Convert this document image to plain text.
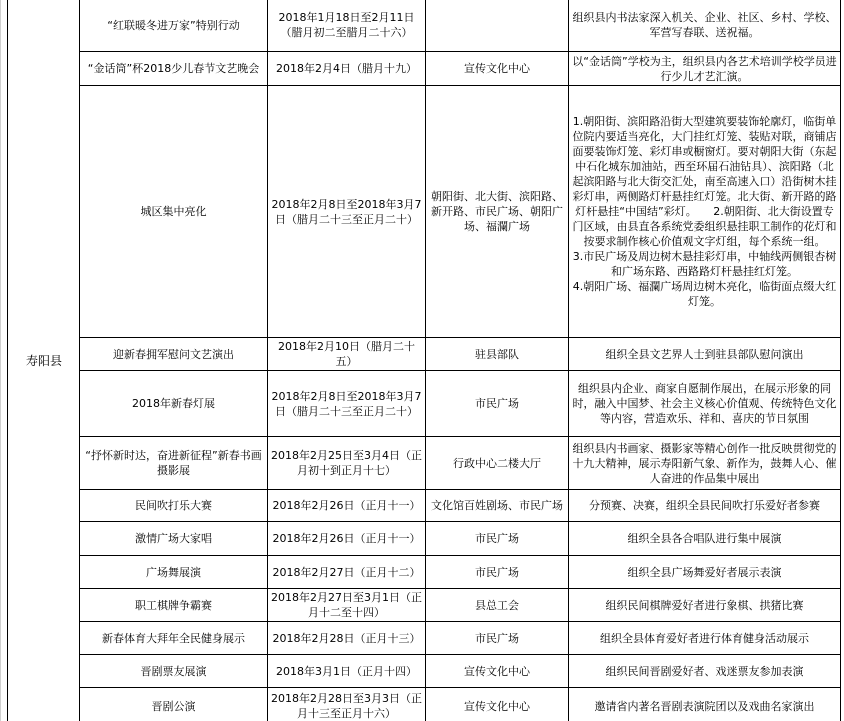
	寿阳县	“红联暖冬进万家”特别行动	2018年1月18日至2月11日（腊月初二至腊月二十六）		组织县内书法家深入机关、企业、社区、乡村、学校、军营写春联、送祝福。
		“金话筒”杯2018少儿春节文艺晚会	2018年2月4日（腊月十九）	宣传文化中心	以“金话筒”学校为主，组织县内各艺术培训学校学员进行少儿才艺汇演。
		城区集中亮化	2018年2月8日至2018年3月7日（腊月二十三至正月二十）	朝阳街、北大街、滨阳路、新开路、市民广场、朝阳广场、福瀾广场	1.朝阳街、滨阳路沿街大型建筑要装饰轮廓灯，临街单位院内要适当亮化，大门挂红灯笼、装贴对联，商铺店面要装饰灯笼、彩灯串或橱窗灯。要对朝阳大街（东起中石化城东加油站，西至环届石油钻具）、滨阳路（北起滨阳路与北大街交汇处，南至高速入口）沿街树木挂彩灯串，两侧路灯杆悬挂红灯笼。北大街、新开路的路灯杆悬挂“中国结”彩灯。　　2.朝阳街、北大街设置专门区域，由县直各系统党委组织悬挂职工制作的花灯和按要求制作核心价值观文字灯组，每个系统一组。
3.市民广场及周边树木悬挂彩灯串，中轴线两侧银杏树和广场东路、西路路灯杆悬挂红灯笼。
4.朝阳广场、福瀾广场周边树木亮化，临街面点缀大红灯笼。
		迎新春拥军慰问文艺演出	2018年2月10日（腊月二十五）	驻县部队	组织全县文艺界人士到驻县部队慰问演出
		2018年新春灯展	2018年2月8日至2018年3月7日（腊月二十三至正月二十）	市民广场	组织县内企业、商家自愿制作展出，在展示形象的同时，融入中国梦、社会主义核心价值观、传统特色文化等内容，营造欢乐、祥和、喜庆的节日氛围
		“抒怀新时达，奋进新征程”新春书画摄影展	2018年2月25日至3月4日（正月初十到正月十七）	行政中心二楼大厅	组织县内书画家、摄影家等精心创作一批反映贯彻党的十九大精神，展示寿阳新气象、新作为，鼓舞人心、催人奋进的作品集中展出
		民间吹打乐大赛	2018年2月26日（正月十一）	文化馆百姓剧场、市民广场	分预赛、决赛，组织全县民间吹打乐爱好者参赛
		激情广场大家唱	2018年2月26日（正月十一）	市民广场	组织全县各合唱队进行集中展演
		广场舞展演	2018年2月27日（正月十二）	市民广场	组织全县广场舞爱好者展示表演
		职工棋牌争霸赛	2018年2月27日至3月1日（正月十二至十四）	县总工会	组织民间棋牌爱好者进行象棋、拱猪比赛
		新春体育大拜年全民健身展示	2018年2月28日（正月十三）	市民广场	组织全县体育爱好者进行体育健身活动展示
		晋剧票友展演	2018年3月1日（正月十四）	宣传文化中心	组织民间晋剧爱好者、戏迷票友参加表演
		晋剧公演	2018年2月28日至3月3日（正月十三至正月十六）	宣传文化中心	邀请省内著名晋剧表演院团以及戏曲名家演出
